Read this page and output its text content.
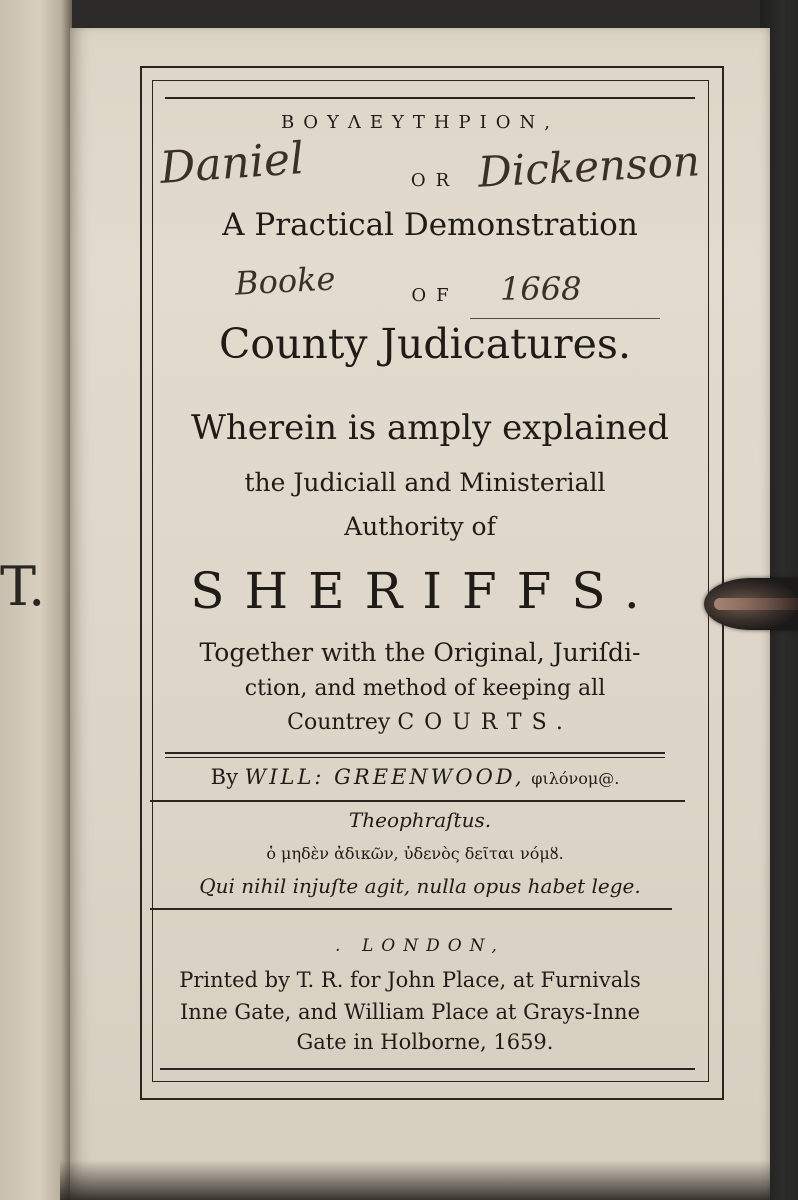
T.
ΒΟΥΛΕΥΤΗΡΙΟΝ,
Daniel	Dickenson
OR
A Practical Demonstration
Booke	1668
OF
County Judicatures.
Wherein is amply explained
the Judiciall and Ministeriall
Authority of
SHERIFFS.
Together with the Original, Juriſdi-
ction, and method of keeping all
Countrey COURTS.
By WILL: GREENWOOD, φιλόνομ@.
Theophraſtus.
ὁ μηδὲν ἀδικῶν, ὐδενὸς δεῖται νόμȣ.
Qui nihil injuſte agit, nulla opus habet lege.
. LONDON,
Printed by T. R. for John Place, at Furnivals
Inne Gate, and William Place at Grays-Inne
Gate in Holborne, 1659.
